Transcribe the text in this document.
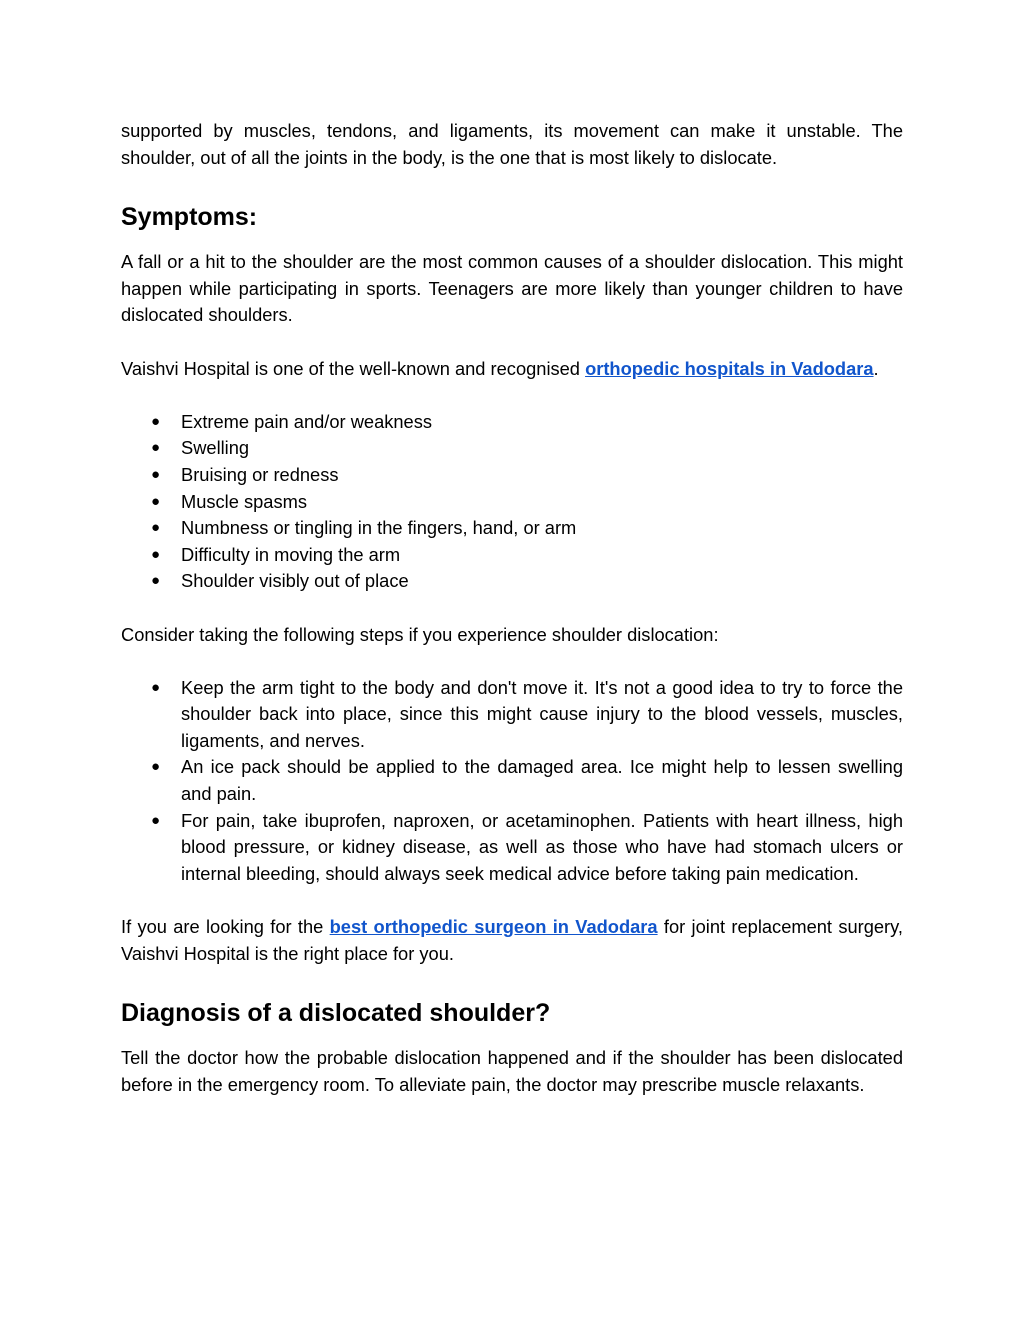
supported by muscles, tendons, and ligaments, its movement can make it unstable. The shoulder, out of all the joints in the body, is the one that is most likely to dislocate.

Symptoms:

A fall or a hit to the shoulder are the most common causes of a shoulder dislocation. This might happen while participating in sports. Teenagers are more likely than younger children to have dislocated shoulders.

Vaishvi Hospital is one of the well-known and recognised orthopedic hospitals in Vadodara.

● Extreme pain and/or weakness
● Swelling
● Bruising or redness
● Muscle spasms
● Numbness or tingling in the fingers, hand, or arm
● Difficulty in moving the arm
● Shoulder visibly out of place

Consider taking the following steps if you experience shoulder dislocation:

● Keep the arm tight to the body and don't move it. It's not a good idea to try to force the shoulder back into place, since this might cause injury to the blood vessels, muscles, ligaments, and nerves.
● An ice pack should be applied to the damaged area. Ice might help to lessen swelling and pain.
● For pain, take ibuprofen, naproxen, or acetaminophen. Patients with heart illness, high blood pressure, or kidney disease, as well as those who have had stomach ulcers or internal bleeding, should always seek medical advice before taking pain medication.

If you are looking for the best orthopedic surgeon in Vadodara for joint replacement surgery, Vaishvi Hospital is the right place for you.

Diagnosis of a dislocated shoulder?

Tell the doctor how the probable dislocation happened and if the shoulder has been dislocated before in the emergency room. To alleviate pain, the doctor may prescribe muscle relaxants.
